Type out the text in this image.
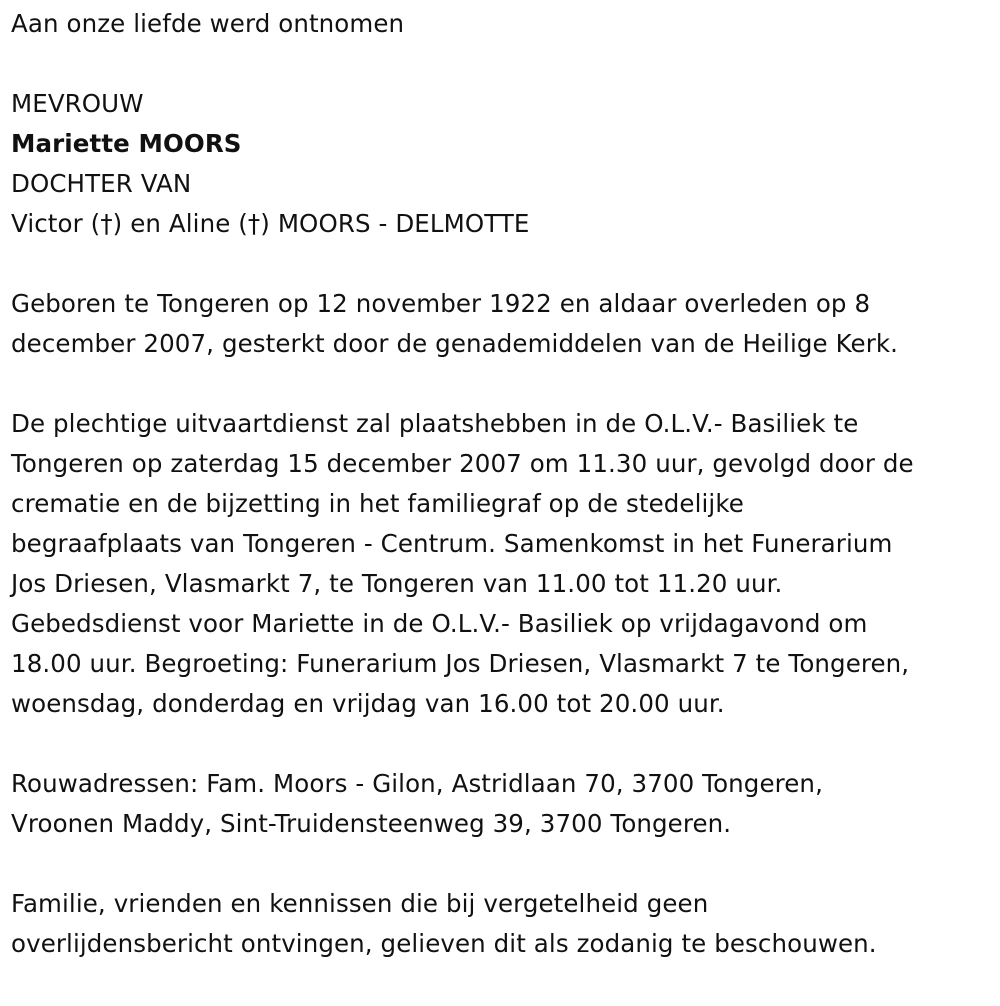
Aan onze liefde werd ontnomen
MEVROUW
Mariette MOORS
DOCHTER VAN
Victor (†) en Aline (†) MOORS - DELMOTTE

Geboren te Tongeren op 12 november 1922 en aldaar overleden op 8

december 2007, gesterkt door de genademiddelen van de Heilige Kerk.

De plechtige uitvaartdienst zal plaatshebben in de O.L.V.- Basiliek te

Tongeren op zaterdag 15 december 2007 om 11.30 uur, gevolgd door de

crematie en de bijzetting in het familiegraf op de stedelijke

begraafplaats van Tongeren - Centrum. Samenkomst in het Funerarium

Jos Driesen, Vlasmarkt 7, te Tongeren van 11.00 tot 11.20 uur.

Gebedsdienst voor Mariette in de O.L.V.- Basiliek op vrijdagavond om

18.00 uur. Begroeting: Funerarium Jos Driesen, Vlasmarkt 7 te Tongeren,

woensdag, donderdag en vrijdag van 16.00 tot 20.00 uur.

Rouwadressen: Fam. Moors - Gilon, Astridlaan 70, 3700 Tongeren,

Vroonen Maddy, Sint-Truidensteenweg 39, 3700 Tongeren.

Familie, vrienden en kennissen die bij vergetelheid geen

overlijdensbericht ontvingen, gelieven dit als zodanig te beschouwen.
